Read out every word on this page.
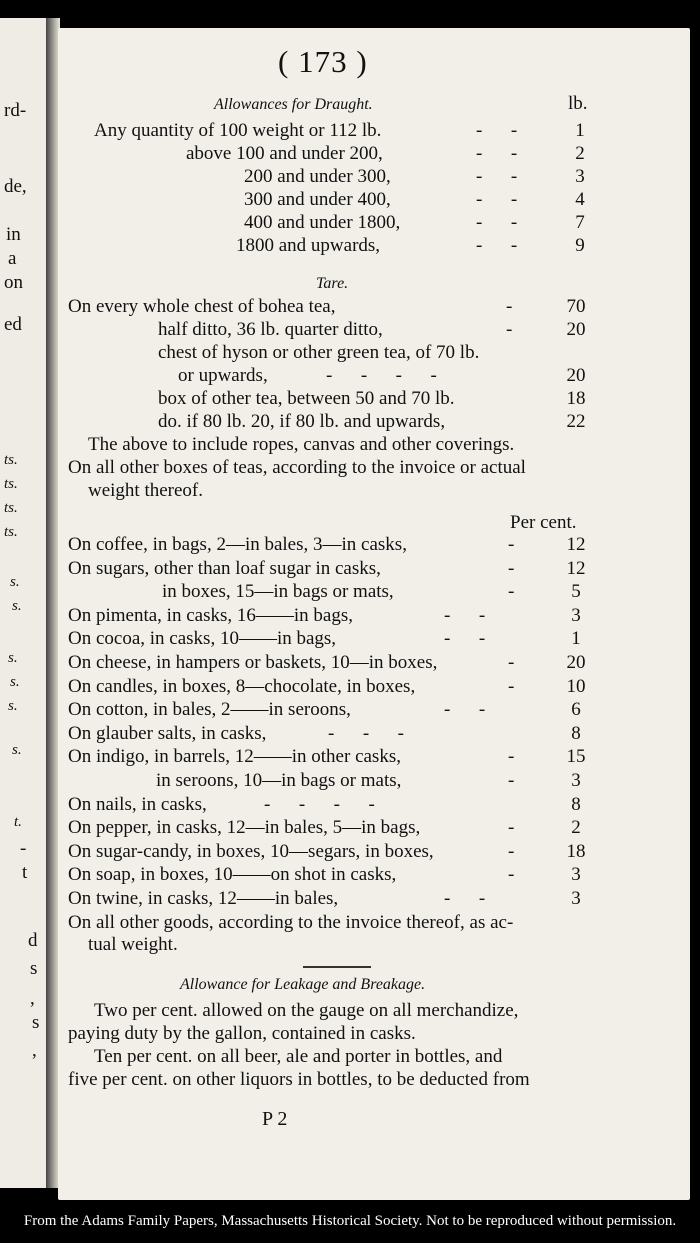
rd-
de,
in
a
on
ed
ts.
ts.
ts.
ts.
s.
s.
s.
s.
s.
s.
t.
-
t
d
s
,
s
,
( 173 )
Allowances for Draught.	lb.
Any quantity of 100 weight or 112 lb.	-      -	1
above 100 and under 200,	-      -	2
200 and under 300,	-      -	3
300 and under 400,	-      -	4
400 and under 1800,	-      -	7
1800 and upwards,	-      -	9
Tare.
On every whole chest of bohea tea,	-	70
half ditto, 36 lb. quarter ditto,	-	20
chest of hyson or other green tea, of 70 lb.
or upwards,	-      -      -      -	20
box of other tea, between 50 and 70 lb.	18
do. if 80 lb. 20, if 80 lb. and upwards,	22
The above to include ropes, canvas and other coverings.
On all other boxes of teas, according to the invoice or actual
weight thereof.
Per cent.
On coffee, in bags, 2—in bales, 3—in casks,	-	12
On sugars, other than loaf sugar in casks,	-	12
in boxes, 15—in bags or mats,	-	5
On pimenta, in casks, 16——in bags,	-      -	3
On cocoa, in casks, 10——in bags,	-      -	1
On cheese, in hampers or baskets, 10—in boxes,	-	20
On candles, in boxes, 8—chocolate, in boxes,	-	10
On cotton, in bales, 2——in seroons,	-      -	6
On glauber salts, in casks,	-      -      -	8
On indigo, in barrels, 12——in other casks,	-	15
in seroons, 10—in bags or mats,	-	3
On nails, in casks,	-      -      -      -	8
On pepper, in casks, 12—in bales, 5—in bags,	-	2
On sugar-candy, in boxes, 10—segars, in boxes,	-	18
On soap, in boxes, 10——on shot in casks,	-	3
On twine, in casks, 12——in bales,	-      -	3
On all other goods, according to the invoice thereof, as ac-
tual weight.
Allowance for Leakage and Breakage.
Two per cent. allowed on the gauge on all merchandize,
paying duty by the gallon, contained in casks.
Ten per cent. on all beer, ale and porter in bottles, and
five per cent. on other liquors in bottles, to be deducted from
P 2
From the Adams Family Papers, Massachusetts Historical Society. Not to be reproduced without permission.
